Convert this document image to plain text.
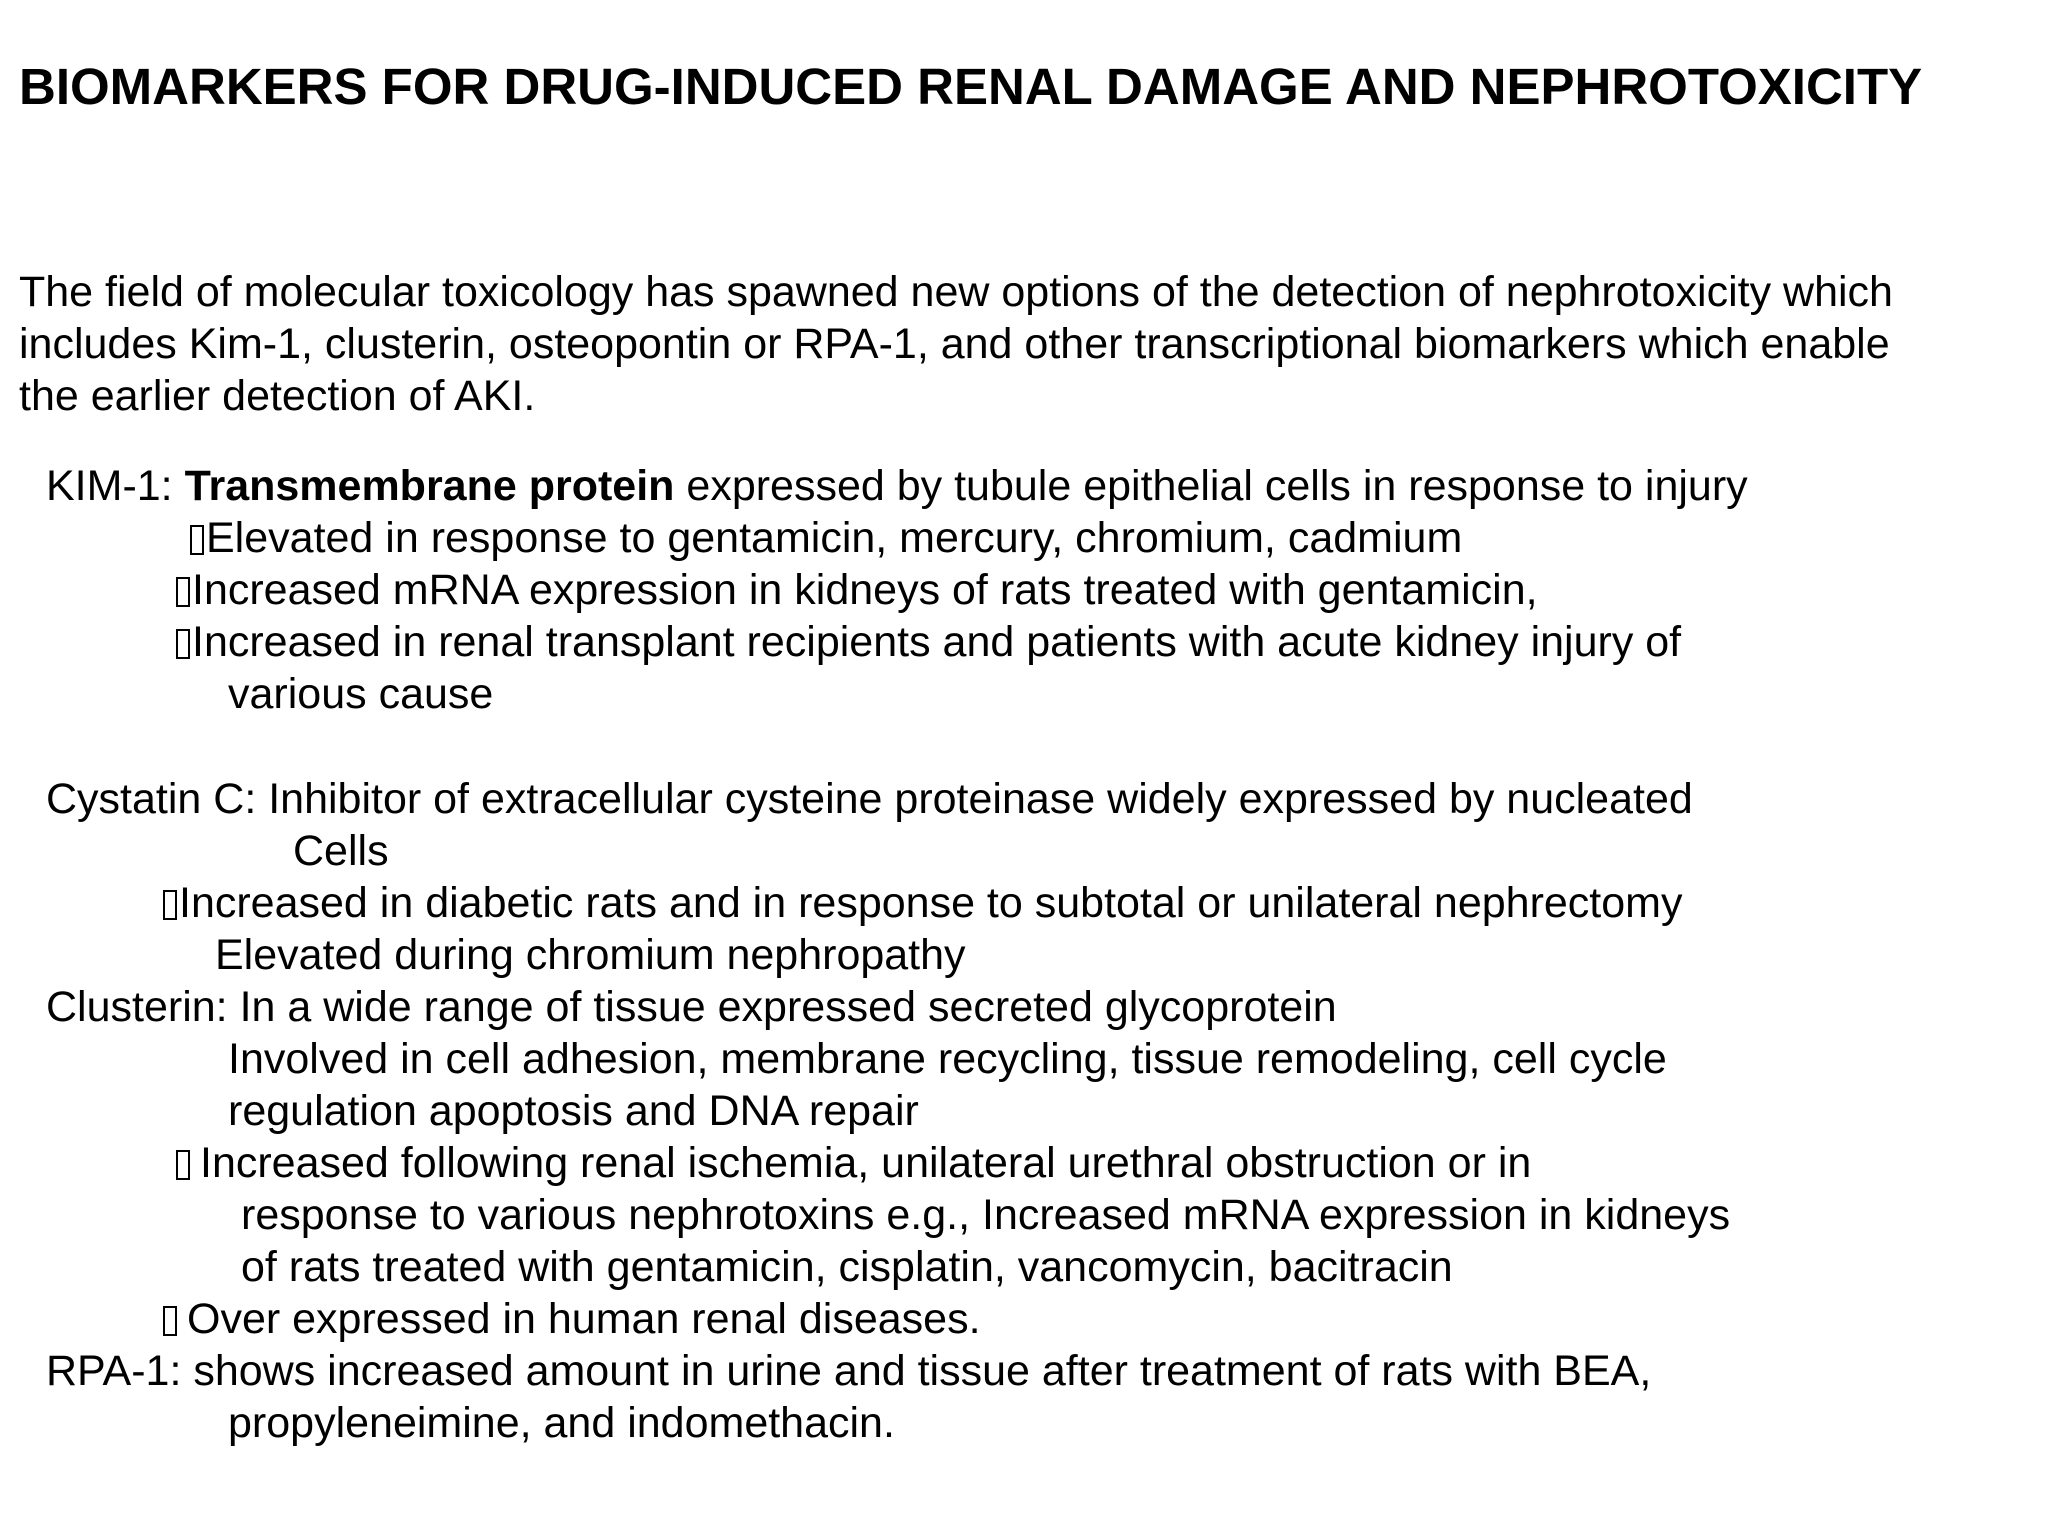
BIOMARKERS FOR DRUG-INDUCED RENAL DAMAGE AND NEPHROTOXICITY
The field of molecular toxicology has spawned new options of the detection of nephrotoxicity which
includes Kim-1, clusterin, osteopontin or RPA-1, and other transcriptional biomarkers which enable
the earlier detection of AKI.

KIM-1: Transmembrane protein expressed by tubule epithelial cells in response to injury

Elevated in response to gentamicin, mercury, chromium, cadmium

Increased mRNA expression in kidneys of rats treated with gentamicin,

Increased in renal transplant recipients and patients with acute kidney injury of

various cause

Cystatin C: Inhibitor of extracellular cysteine proteinase widely expressed by nucleated

Cells

Increased in diabetic rats and in response to subtotal or unilateral nephrectomy

Elevated during chromium nephropathy

Clusterin: In a wide range of tissue expressed secreted glycoprotein

Involved in cell adhesion, membrane recycling, tissue remodeling, cell cycle

regulation apoptosis and DNA repair

Increased following renal ischemia, unilateral urethral obstruction or in

response to various nephrotoxins e.g., Increased mRNA expression in kidneys

of rats treated with gentamicin, cisplatin, vancomycin, bacitracin

Over expressed in human renal diseases.

RPA-1: shows increased amount in urine and tissue after treatment of rats with BEA,

propyleneimine, and indomethacin.
